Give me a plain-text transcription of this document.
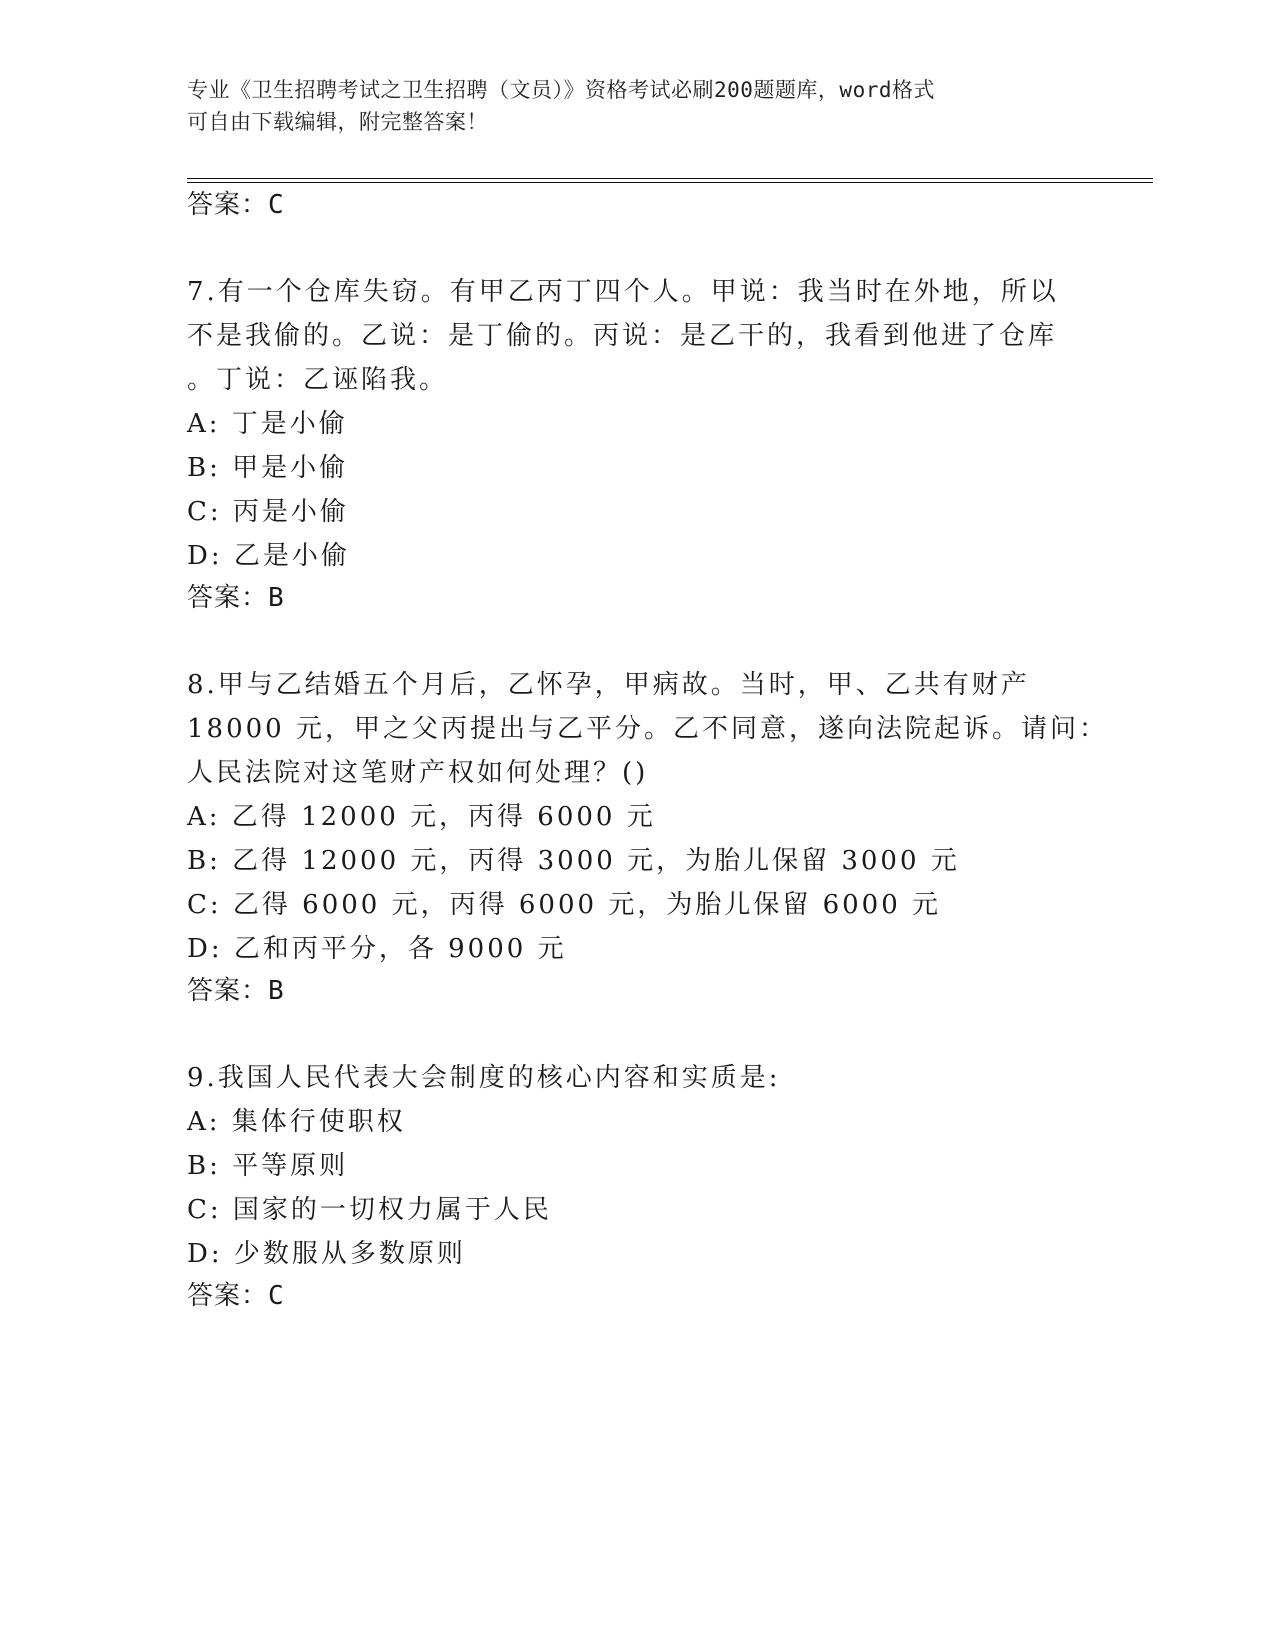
专业《卫生招聘考试之卫生招聘（文员）》资格考试必刷200题题库，word格式
可自由下载编辑，附完整答案！
答案：C
7.有一个仓库失窃。有甲乙丙丁四个人。甲说：我当时在外地，所以
不是我偷的。乙说：是丁偷的。丙说：是乙干的，我看到他进了仓库
。丁说：乙诬陷我。
A: 丁是小偷
B: 甲是小偷
C: 丙是小偷
D: 乙是小偷
答案：B
8.甲与乙结婚五个月后，乙怀孕，甲病故。当时，甲、乙共有财产
18000 元，甲之父丙提出与乙平分。乙不同意，遂向法院起诉。请问：
人民法院对这笔财产权如何处理？()
A: 乙得 12000 元，丙得 6000 元
B: 乙得 12000 元，丙得 3000 元，为胎儿保留 3000 元
C: 乙得 6000 元，丙得 6000 元，为胎儿保留 6000 元
D: 乙和丙平分，各 9000 元
答案：B
9.我国人民代表大会制度的核心内容和实质是:
A: 集体行使职权
B: 平等原则
C: 国家的一切权力属于人民
D: 少数服从多数原则
答案：C
